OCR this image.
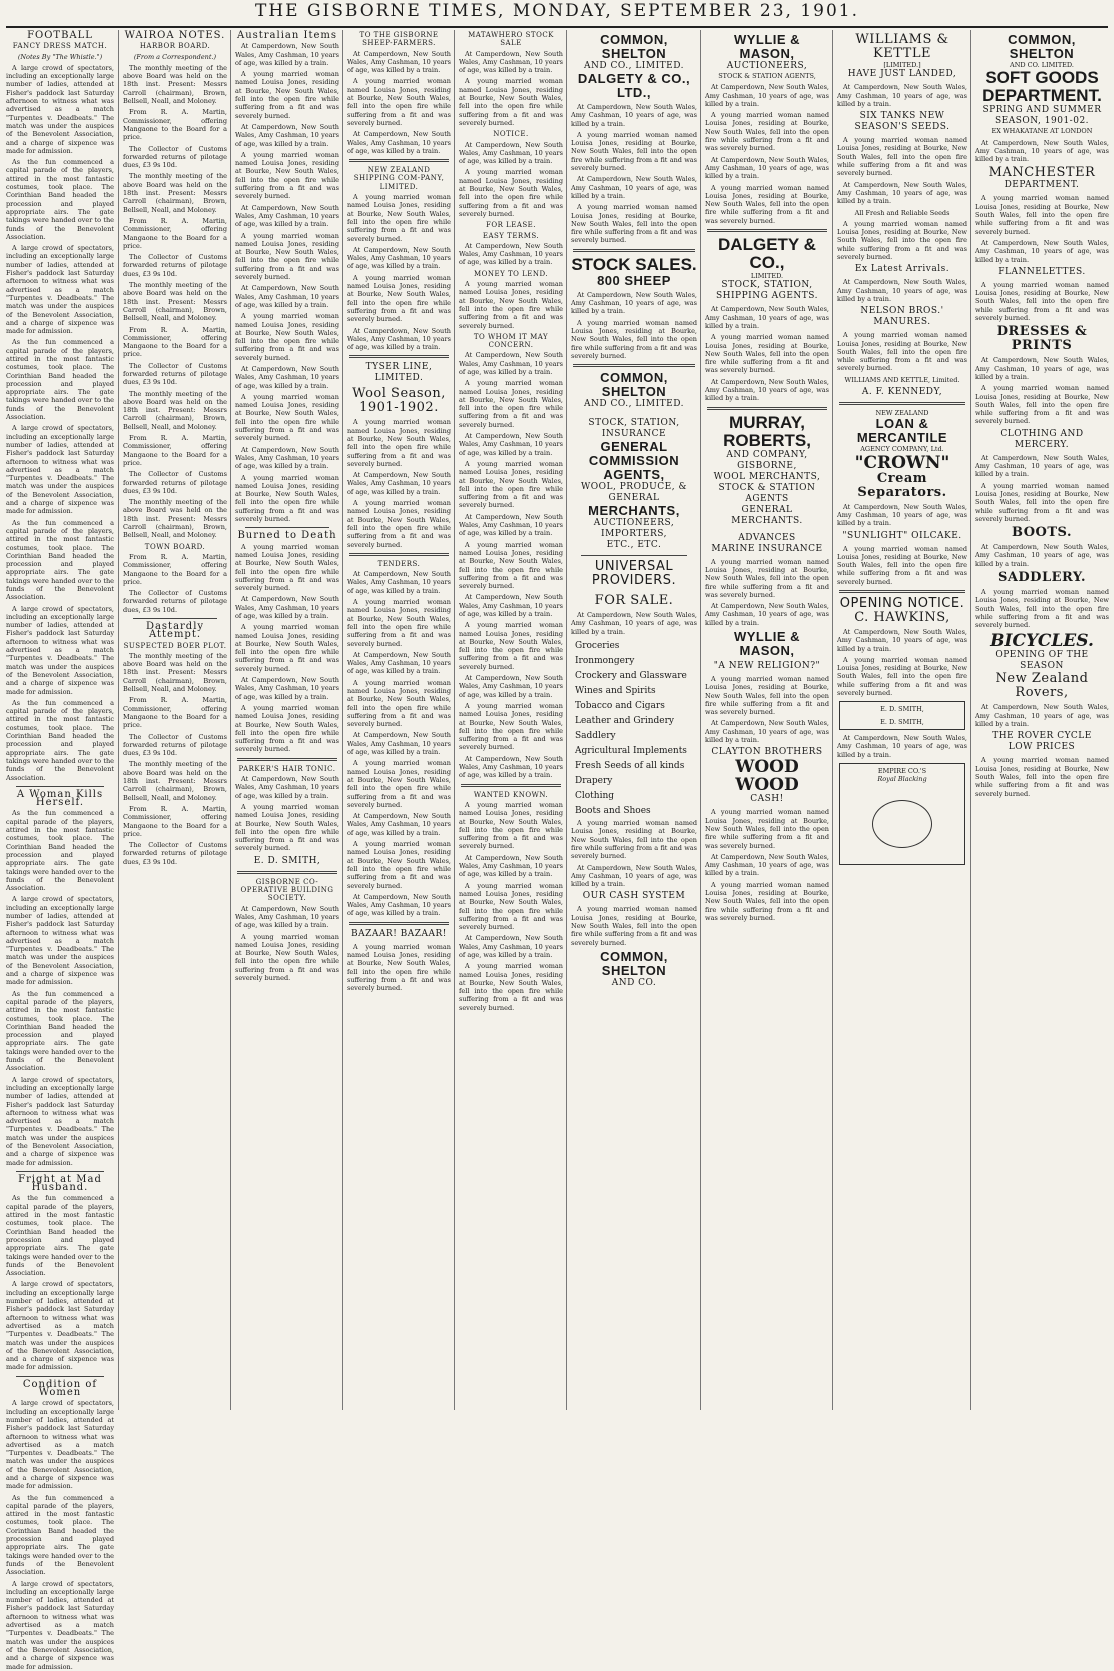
THE GISBORNE TIMES, MONDAY, SEPTEMBER 23, 1901.
FOOTBALL
FANCY DRESS MATCH.
(Notes By "The Whistle.")

A large crowd of spectators, including an exceptionally large number of ladies, attended at Fisher's paddock last Saturday afternoon to witness what was advertised as a match "Turpentes v. Deadbeats." The match was under the auspices of the Benevolent Association, and a charge of sixpence was made for admission.

As the fun commenced a capital parade of the players, attired in the most fantastic costumes, took place. The Corinthian Band headed the procession and played appropriate airs. The gate takings were handed over to the funds of the Benevolent Association.

A large crowd of spectators, including an exceptionally large number of ladies, attended at Fisher's paddock last Saturday afternoon to witness what was advertised as a match "Turpentes v. Deadbeats." The match was under the auspices of the Benevolent Association, and a charge of sixpence was made for admission.

As the fun commenced a capital parade of the players, attired in the most fantastic costumes, took place. The Corinthian Band headed the procession and played appropriate airs. The gate takings were handed over to the funds of the Benevolent Association.

A large crowd of spectators, including an exceptionally large number of ladies, attended at Fisher's paddock last Saturday afternoon to witness what was advertised as a match "Turpentes v. Deadbeats." The match was under the auspices of the Benevolent Association, and a charge of sixpence was made for admission.

As the fun commenced a capital parade of the players, attired in the most fantastic costumes, took place. The Corinthian Band headed the procession and played appropriate airs. The gate takings were handed over to the funds of the Benevolent Association.

A large crowd of spectators, including an exceptionally large number of ladies, attended at Fisher's paddock last Saturday afternoon to witness what was advertised as a match "Turpentes v. Deadbeats." The match was under the auspices of the Benevolent Association, and a charge of sixpence was made for admission.

As the fun commenced a capital parade of the players, attired in the most fantastic costumes, took place. The Corinthian Band headed the procession and played appropriate airs. The gate takings were handed over to the funds of the Benevolent Association.

A Woman Kills Herself.

As the fun commenced a capital parade of the players, attired in the most fantastic costumes, took place. The Corinthian Band headed the procession and played appropriate airs. The gate takings were handed over to the funds of the Benevolent Association.

A large crowd of spectators, including an exceptionally large number of ladies, attended at Fisher's paddock last Saturday afternoon to witness what was advertised as a match "Turpentes v. Deadbeats." The match was under the auspices of the Benevolent Association, and a charge of sixpence was made for admission.

As the fun commenced a capital parade of the players, attired in the most fantastic costumes, took place. The Corinthian Band headed the procession and played appropriate airs. The gate takings were handed over to the funds of the Benevolent Association.

A large crowd of spectators, including an exceptionally large number of ladies, attended at Fisher's paddock last Saturday afternoon to witness what was advertised as a match "Turpentes v. Deadbeats." The match was under the auspices of the Benevolent Association, and a charge of sixpence was made for admission.

Fright at Mad Husband.

As the fun commenced a capital parade of the players, attired in the most fantastic costumes, took place. The Corinthian Band headed the procession and played appropriate airs. The gate takings were handed over to the funds of the Benevolent Association.

A large crowd of spectators, including an exceptionally large number of ladies, attended at Fisher's paddock last Saturday afternoon to witness what was advertised as a match "Turpentes v. Deadbeats." The match was under the auspices of the Benevolent Association, and a charge of sixpence was made for admission.

Condition of Women

A large crowd of spectators, including an exceptionally large number of ladies, attended at Fisher's paddock last Saturday afternoon to witness what was advertised as a match "Turpentes v. Deadbeats." The match was under the auspices of the Benevolent Association, and a charge of sixpence was made for admission.

As the fun commenced a capital parade of the players, attired in the most fantastic costumes, took place. The Corinthian Band headed the procession and played appropriate airs. The gate takings were handed over to the funds of the Benevolent Association.

A large crowd of spectators, including an exceptionally large number of ladies, attended at Fisher's paddock last Saturday afternoon to witness what was advertised as a match "Turpentes v. Deadbeats." The match was under the auspices of the Benevolent Association, and a charge of sixpence was made for admission.

WAIROA NOTES.
HARBOR BOARD.
(From a Correspondent.)

The monthly meeting of the above Board was held on the 18th inst. Present: Messrs Carroll (chairman), Brown, Bellsell, Neall, and Moloney.

From R. A. Martin, Commissioner, offering Mangaone to the Board for a price.

The Collector of Customs forwarded returns of pilotage dues, £3 9s 10d.

The monthly meeting of the above Board was held on the 18th inst. Present: Messrs Carroll (chairman), Brown, Bellsell, Neall, and Moloney.

From R. A. Martin, Commissioner, offering Mangaone to the Board for a price.

The Collector of Customs forwarded returns of pilotage dues, £3 9s 10d.

The monthly meeting of the above Board was held on the 18th inst. Present: Messrs Carroll (chairman), Brown, Bellsell, Neall, and Moloney.

From R. A. Martin, Commissioner, offering Mangaone to the Board for a price.

The Collector of Customs forwarded returns of pilotage dues, £3 9s 10d.

The monthly meeting of the above Board was held on the 18th inst. Present: Messrs Carroll (chairman), Brown, Bellsell, Neall, and Moloney.

From R. A. Martin, Commissioner, offering Mangaone to the Board for a price.

The Collector of Customs forwarded returns of pilotage dues, £3 9s 10d.

The monthly meeting of the above Board was held on the 18th inst. Present: Messrs Carroll (chairman), Brown, Bellsell, Neall, and Moloney.

TOWN BOARD.

From R. A. Martin, Commissioner, offering Mangaone to the Board for a price.

The Collector of Customs forwarded returns of pilotage dues, £3 9s 10d.

Dastardly Attempt.
SUSPECTED BOER PLOT.

The monthly meeting of the above Board was held on the 18th inst. Present: Messrs Carroll (chairman), Brown, Bellsell, Neall, and Moloney.

From R. A. Martin, Commissioner, offering Mangaone to the Board for a price.

The Collector of Customs forwarded returns of pilotage dues, £3 9s 10d.

The monthly meeting of the above Board was held on the 18th inst. Present: Messrs Carroll (chairman), Brown, Bellsell, Neall, and Moloney.

From R. A. Martin, Commissioner, offering Mangaone to the Board for a price.

The Collector of Customs forwarded returns of pilotage dues, £3 9s 10d.

Australian Items

At Camperdown, New South Wales, Amy Cashman, 10 years of age, was killed by a train.

A young married woman named Louisa Jones, residing at Bourke, New South Wales, fell into the open fire while suffering from a fit and was severely burned.

At Camperdown, New South Wales, Amy Cashman, 10 years of age, was killed by a train.

A young married woman named Louisa Jones, residing at Bourke, New South Wales, fell into the open fire while suffering from a fit and was severely burned.

At Camperdown, New South Wales, Amy Cashman, 10 years of age, was killed by a train.

A young married woman named Louisa Jones, residing at Bourke, New South Wales, fell into the open fire while suffering from a fit and was severely burned.

At Camperdown, New South Wales, Amy Cashman, 10 years of age, was killed by a train.

A young married woman named Louisa Jones, residing at Bourke, New South Wales, fell into the open fire while suffering from a fit and was severely burned.

At Camperdown, New South Wales, Amy Cashman, 10 years of age, was killed by a train.

A young married woman named Louisa Jones, residing at Bourke, New South Wales, fell into the open fire while suffering from a fit and was severely burned.

At Camperdown, New South Wales, Amy Cashman, 10 years of age, was killed by a train.

A young married woman named Louisa Jones, residing at Bourke, New South Wales, fell into the open fire while suffering from a fit and was severely burned.

Burned to Death

A young married woman named Louisa Jones, residing at Bourke, New South Wales, fell into the open fire while suffering from a fit and was severely burned.

At Camperdown, New South Wales, Amy Cashman, 10 years of age, was killed by a train.

A young married woman named Louisa Jones, residing at Bourke, New South Wales, fell into the open fire while suffering from a fit and was severely burned.

At Camperdown, New South Wales, Amy Cashman, 10 years of age, was killed by a train.

A young married woman named Louisa Jones, residing at Bourke, New South Wales, fell into the open fire while suffering from a fit and was severely burned.

PARKER'S HAIR TONIC.

At Camperdown, New South Wales, Amy Cashman, 10 years of age, was killed by a train.

A young married woman named Louisa Jones, residing at Bourke, New South Wales, fell into the open fire while suffering from a fit and was severely burned.

E. D. SMITH,
GISBORNE CO-OPERATIVE BUILDING SOCIETY.

At Camperdown, New South Wales, Amy Cashman, 10 years of age, was killed by a train.

A young married woman named Louisa Jones, residing at Bourke, New South Wales, fell into the open fire while suffering from a fit and was severely burned.

TO THE GISBORNE SHEEP-FARMERS.

At Camperdown, New South Wales, Amy Cashman, 10 years of age, was killed by a train.

A young married woman named Louisa Jones, residing at Bourke, New South Wales, fell into the open fire while suffering from a fit and was severely burned.

At Camperdown, New South Wales, Amy Cashman, 10 years of age, was killed by a train.

NEW ZEALAND SHIPPING COM-PANY, LIMITED.

A young married woman named Louisa Jones, residing at Bourke, New South Wales, fell into the open fire while suffering from a fit and was severely burned.

At Camperdown, New South Wales, Amy Cashman, 10 years of age, was killed by a train.

A young married woman named Louisa Jones, residing at Bourke, New South Wales, fell into the open fire while suffering from a fit and was severely burned.

At Camperdown, New South Wales, Amy Cashman, 10 years of age, was killed by a train.

TYSER LINE, LIMITED.
Wool Season, 1901-1902.

A young married woman named Louisa Jones, residing at Bourke, New South Wales, fell into the open fire while suffering from a fit and was severely burned.

At Camperdown, New South Wales, Amy Cashman, 10 years of age, was killed by a train.

A young married woman named Louisa Jones, residing at Bourke, New South Wales, fell into the open fire while suffering from a fit and was severely burned.

TENDERS.

At Camperdown, New South Wales, Amy Cashman, 10 years of age, was killed by a train.

A young married woman named Louisa Jones, residing at Bourke, New South Wales, fell into the open fire while suffering from a fit and was severely burned.

At Camperdown, New South Wales, Amy Cashman, 10 years of age, was killed by a train.

A young married woman named Louisa Jones, residing at Bourke, New South Wales, fell into the open fire while suffering from a fit and was severely burned.

At Camperdown, New South Wales, Amy Cashman, 10 years of age, was killed by a train.

A young married woman named Louisa Jones, residing at Bourke, New South Wales, fell into the open fire while suffering from a fit and was severely burned.

At Camperdown, New South Wales, Amy Cashman, 10 years of age, was killed by a train.

A young married woman named Louisa Jones, residing at Bourke, New South Wales, fell into the open fire while suffering from a fit and was severely burned.

At Camperdown, New South Wales, Amy Cashman, 10 years of age, was killed by a train.

BAZAAR! BAZAAR!

A young married woman named Louisa Jones, residing at Bourke, New South Wales, fell into the open fire while suffering from a fit and was severely burned.

MATAWHERO STOCK SALE

At Camperdown, New South Wales, Amy Cashman, 10 years of age, was killed by a train.

A young married woman named Louisa Jones, residing at Bourke, New South Wales, fell into the open fire while suffering from a fit and was severely burned.

NOTICE.

At Camperdown, New South Wales, Amy Cashman, 10 years of age, was killed by a train.

A young married woman named Louisa Jones, residing at Bourke, New South Wales, fell into the open fire while suffering from a fit and was severely burned.

FOR LEASE.
EASY TERMS.

At Camperdown, New South Wales, Amy Cashman, 10 years of age, was killed by a train.

MONEY TO LEND.

A young married woman named Louisa Jones, residing at Bourke, New South Wales, fell into the open fire while suffering from a fit and was severely burned.

TO WHOM IT MAY CONCERN.

At Camperdown, New South Wales, Amy Cashman, 10 years of age, was killed by a train.

A young married woman named Louisa Jones, residing at Bourke, New South Wales, fell into the open fire while suffering from a fit and was severely burned.

At Camperdown, New South Wales, Amy Cashman, 10 years of age, was killed by a train.

A young married woman named Louisa Jones, residing at Bourke, New South Wales, fell into the open fire while suffering from a fit and was severely burned.

At Camperdown, New South Wales, Amy Cashman, 10 years of age, was killed by a train.

A young married woman named Louisa Jones, residing at Bourke, New South Wales, fell into the open fire while suffering from a fit and was severely burned.

At Camperdown, New South Wales, Amy Cashman, 10 years of age, was killed by a train.

A young married woman named Louisa Jones, residing at Bourke, New South Wales, fell into the open fire while suffering from a fit and was severely burned.

At Camperdown, New South Wales, Amy Cashman, 10 years of age, was killed by a train.

A young married woman named Louisa Jones, residing at Bourke, New South Wales, fell into the open fire while suffering from a fit and was severely burned.

At Camperdown, New South Wales, Amy Cashman, 10 years of age, was killed by a train.

WANTED KNOWN.

A young married woman named Louisa Jones, residing at Bourke, New South Wales, fell into the open fire while suffering from a fit and was severely burned.

At Camperdown, New South Wales, Amy Cashman, 10 years of age, was killed by a train.

A young married woman named Louisa Jones, residing at Bourke, New South Wales, fell into the open fire while suffering from a fit and was severely burned.

At Camperdown, New South Wales, Amy Cashman, 10 years of age, was killed by a train.

A young married woman named Louisa Jones, residing at Bourke, New South Wales, fell into the open fire while suffering from a fit and was severely burned.

COMMON, SHELTON
AND CO., LIMITED.
DALGETY & CO., LTD.,

At Camperdown, New South Wales, Amy Cashman, 10 years of age, was killed by a train.

A young married woman named Louisa Jones, residing at Bourke, New South Wales, fell into the open fire while suffering from a fit and was severely burned.

At Camperdown, New South Wales, Amy Cashman, 10 years of age, was killed by a train.

A young married woman named Louisa Jones, residing at Bourke, New South Wales, fell into the open fire while suffering from a fit and was severely burned.

STOCK SALES.
800 SHEEP

At Camperdown, New South Wales, Amy Cashman, 10 years of age, was killed by a train.

A young married woman named Louisa Jones, residing at Bourke, New South Wales, fell into the open fire while suffering from a fit and was severely burned.

COMMON, SHELTON
AND CO., LIMITED.
STOCK, STATION, INSURANCE
GENERAL COMMISSION
AGENTS,
WOOL, PRODUCE, & GENERAL
MERCHANTS,
AUCTIONEERS, IMPORTERS,
ETC., ETC.
UNIVERSAL
PROVIDERS.
FOR SALE.

At Camperdown, New South Wales, Amy Cashman, 10 years of age, was killed by a train.

Groceries
Ironmongery
Crockery and Glassware
Wines and Spirits
Tobacco and Cigars
Leather and Grindery
Saddlery
Agricultural Implements
Fresh Seeds of all kinds
Drapery
Clothing
Boots and Shoes

A young married woman named Louisa Jones, residing at Bourke, New South Wales, fell into the open fire while suffering from a fit and was severely burned.

At Camperdown, New South Wales, Amy Cashman, 10 years of age, was killed by a train.

OUR CASH SYSTEM

A young married woman named Louisa Jones, residing at Bourke, New South Wales, fell into the open fire while suffering from a fit and was severely burned.

COMMON, SHELTON
AND CO.
WYLLIE & MASON,
AUCTIONEERS,
STOCK & STATION AGENTS,

At Camperdown, New South Wales, Amy Cashman, 10 years of age, was killed by a train.

A young married woman named Louisa Jones, residing at Bourke, New South Wales, fell into the open fire while suffering from a fit and was severely burned.

At Camperdown, New South Wales, Amy Cashman, 10 years of age, was killed by a train.

A young married woman named Louisa Jones, residing at Bourke, New South Wales, fell into the open fire while suffering from a fit and was severely burned.

DALGETY & CO.,
LIMITED.
STOCK, STATION,
SHIPPING AGENTS.

At Camperdown, New South Wales, Amy Cashman, 10 years of age, was killed by a train.

A young married woman named Louisa Jones, residing at Bourke, New South Wales, fell into the open fire while suffering from a fit and was severely burned.

At Camperdown, New South Wales, Amy Cashman, 10 years of age, was killed by a train.

MURRAY, ROBERTS,
AND COMPANY,
GISBORNE,
WOOL MERCHANTS,
STOCK & STATION AGENTS
GENERAL MERCHANTS.
ADVANCES
MARINE INSURANCE

A young married woman named Louisa Jones, residing at Bourke, New South Wales, fell into the open fire while suffering from a fit and was severely burned.

At Camperdown, New South Wales, Amy Cashman, 10 years of age, was killed by a train.

WYLLIE & MASON,
"A NEW RELIGION?"

A young married woman named Louisa Jones, residing at Bourke, New South Wales, fell into the open fire while suffering from a fit and was severely burned.

At Camperdown, New South Wales, Amy Cashman, 10 years of age, was killed by a train.

CLAYTON BROTHERS
WOOD WOOD
CASH!

A young married woman named Louisa Jones, residing at Bourke, New South Wales, fell into the open fire while suffering from a fit and was severely burned.

At Camperdown, New South Wales, Amy Cashman, 10 years of age, was killed by a train.

A young married woman named Louisa Jones, residing at Bourke, New South Wales, fell into the open fire while suffering from a fit and was severely burned.

WILLIAMS & KETTLE
[LIMITED.]
HAVE JUST LANDED,

At Camperdown, New South Wales, Amy Cashman, 10 years of age, was killed by a train.

SIX TANKS NEW SEASON'S SEEDS.

A young married woman named Louisa Jones, residing at Bourke, New South Wales, fell into the open fire while suffering from a fit and was severely burned.

At Camperdown, New South Wales, Amy Cashman, 10 years of age, was killed by a train.

All Fresh and Reliable Seeds

A young married woman named Louisa Jones, residing at Bourke, New South Wales, fell into the open fire while suffering from a fit and was severely burned.

Ex Latest Arrivals.

At Camperdown, New South Wales, Amy Cashman, 10 years of age, was killed by a train.

NELSON BROS.' MANURES.

A young married woman named Louisa Jones, residing at Bourke, New South Wales, fell into the open fire while suffering from a fit and was severely burned.

WILLIAMS AND KETTLE, Limited.
A. F. KENNEDY,
NEW ZEALAND
LOAN & MERCANTILE
AGENCY COMPANY, Ltd.
"CROWN"
Cream Separators.

At Camperdown, New South Wales, Amy Cashman, 10 years of age, was killed by a train.

"SUNLIGHT" OILCAKE.

A young married woman named Louisa Jones, residing at Bourke, New South Wales, fell into the open fire while suffering from a fit and was severely burned.

OPENING NOTICE.
C. HAWKINS,

At Camperdown, New South Wales, Amy Cashman, 10 years of age, was killed by a train.

A young married woman named Louisa Jones, residing at Bourke, New South Wales, fell into the open fire while suffering from a fit and was severely burned.

E. D. SMITH,
E. D. SMITH,

At Camperdown, New South Wales, Amy Cashman, 10 years of age, was killed by a train.

EMPIRE CO.'S
Royal Blacking
COMMON, SHELTON
AND CO. LIMITED.
SOFT GOODS DEPARTMENT.
SPRING AND SUMMER SEASON, 1901-02.
EX WHAKATANE AT LONDON

At Camperdown, New South Wales, Amy Cashman, 10 years of age, was killed by a train.

MANCHESTER
DEPARTMENT.

A young married woman named Louisa Jones, residing at Bourke, New South Wales, fell into the open fire while suffering from a fit and was severely burned.

At Camperdown, New South Wales, Amy Cashman, 10 years of age, was killed by a train.

FLANNELETTES.

A young married woman named Louisa Jones, residing at Bourke, New South Wales, fell into the open fire while suffering from a fit and was severely burned.

DRESSES & PRINTS

At Camperdown, New South Wales, Amy Cashman, 10 years of age, was killed by a train.

A young married woman named Louisa Jones, residing at Bourke, New South Wales, fell into the open fire while suffering from a fit and was severely burned.

CLOTHING AND MERCERY.

At Camperdown, New South Wales, Amy Cashman, 10 years of age, was killed by a train.

A young married woman named Louisa Jones, residing at Bourke, New South Wales, fell into the open fire while suffering from a fit and was severely burned.

BOOTS.

At Camperdown, New South Wales, Amy Cashman, 10 years of age, was killed by a train.

SADDLERY.

A young married woman named Louisa Jones, residing at Bourke, New South Wales, fell into the open fire while suffering from a fit and was severely burned.

BICYCLES.
OPENING OF THE SEASON
New Zealand Rovers,

At Camperdown, New South Wales, Amy Cashman, 10 years of age, was killed by a train.

THE ROVER CYCLE
LOW PRICES

A young married woman named Louisa Jones, residing at Bourke, New South Wales, fell into the open fire while suffering from a fit and was severely burned.
